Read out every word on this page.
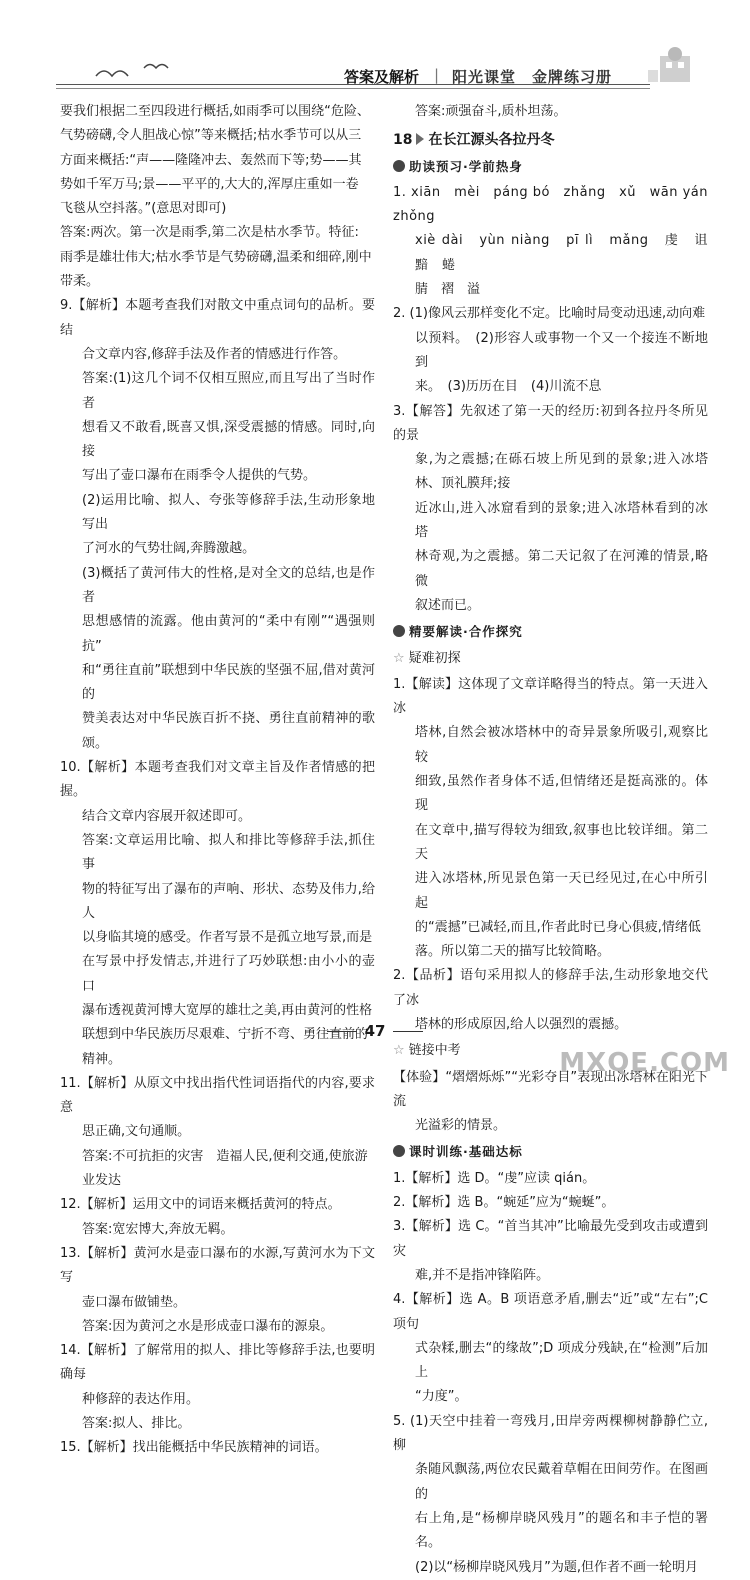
答案及解析 | 阳光课堂　金牌练习册

要我们根据二至四段进行概括,如雨季可以围绕“危险、

气势磅礴,令人胆战心惊”等来概括;枯水季节可以从三

方面来概括:“声——隆隆冲去、轰然而下等;势——其

势如千军万马;景——平平的,大大的,浑厚庄重如一卷

飞毯从空抖落。”(意思对即可)

答案:两次。第一次是雨季,第二次是枯水季节。特征:

雨季是雄壮伟大;枯水季节是气势磅礴,温柔和细碎,刚中

带柔。

9.【解析】本题考查我们对散文中重点词句的品析。要结

合文章内容,修辞手法及作者的情感进行作答。

答案:(1)这几个词不仅相互照应,而且写出了当时作者

想看又不敢看,既喜又惧,深受震撼的情感。同时,向接

写出了壶口瀑布在雨季令人提供的气势。

(2)运用比喻、拟人、夸张等修辞手法,生动形象地写出

了河水的气势壮阔,奔腾激越。

(3)概括了黄河伟大的性格,是对全文的总结,也是作者

思想感情的流露。他由黄河的“柔中有刚”“遇强则抗”

和“勇往直前”联想到中华民族的坚强不屈,借对黄河的

赞美表达对中华民族百折不挠、勇往直前精神的歌颂。

10.【解析】本题考查我们对文章主旨及作者情感的把握。

结合文章内容展开叙述即可。

答案:文章运用比喻、拟人和排比等修辞手法,抓住事

物的特征写出了瀑布的声响、形状、态势及伟力,给人

以身临其境的感受。作者写景不是孤立地写景,而是

在写景中抒发情志,并进行了巧妙联想:由小小的壶口

瀑布透视黄河博大宽厚的雄壮之美,再由黄河的性格

联想到中华民族历尽艰难、宁折不弯、勇往直前的

精神。

11.【解析】从原文中找出指代性词语指代的内容,要求意

思正确,文句通顺。

答案:不可抗拒的灾害　造福人民,便利交通,使旅游

业发达

12.【解析】运用文中的词语来概括黄河的特点。

答案:宽宏博大,奔放无羁。

13.【解析】黄河水是壶口瀑布的水源,写黄河水为下文写

壶口瀑布做铺垫。

答案:因为黄河之水是形成壶口瀑布的源泉。

14.【解析】了解常用的拟人、排比等修辞手法,也要明确每

种修辞的表达作用。

答案:拟人、排比。

15.【解析】找出能概括中华民族精神的词语。

答案:顽强奋斗,质朴坦荡。

18 在长江源头各拉丹冬
助读预习·学前热身

1. xiān　mèi　páng bó　zhǎng　xǔ　wān yán　zhǒng

xiè dài　yùn niàng　pī lì　mǎng　虔　诅　黯　蜷

腈　褶　溢

2. (1)像风云那样变化不定。比喻时局变动迅速,动向难

以预料。　(2)形容人或事物一个又一个接连不断地到

来。　(3)历历在目　(4)川流不息

3.【解答】先叙述了第一天的经历:初到各拉丹冬所见的景

象,为之震撼;在砾石坡上所见到的景象;进入冰塔林、顶礼膜拜;接

近冰山,进入冰窟看到的景象;进入冰塔林看到的冰塔

林奇观,为之震撼。第二天记叙了在河滩的情景,略微

叙述而已。

精要解读·合作探究
☆ 疑难初探

1.【解读】这体现了文章详略得当的特点。第一天进入冰

塔林,自然会被冰塔林中的奇异景象所吸引,观察比较

细致,虽然作者身体不适,但情绪还是挺高涨的。体现

在文章中,描写得较为细致,叙事也比较详细。第二天

进入冰塔林,所见景色第一天已经见过,在心中所引起

的“震撼”已减轻,而且,作者此时已身心俱疲,情绪低

落。所以第二天的描写比较简略。

2.【品析】语句采用拟人的修辞手法,生动形象地交代了冰

塔林的形成原因,给人以强烈的震撼。

☆ 链接中考

【体验】“熠熠烁烁”“光彩夺目”表现出冰塔林在阳光下流

光溢彩的情景。

课时训练·基础达标

1.【解析】选 D。“虔”应读 qián。

2.【解析】选 B。“蜿延”应为“蜿蜒”。

3.【解析】选 C。“首当其冲”比喻最先受到攻击或遭到灾

难,并不是指冲锋陷阵。

4.【解析】选 A。B 项语意矛盾,删去“近”或“左右”;C 项句

式杂糅,删去“的缘故”;D 项成分残缺,在“检测”后加上

“力度”。

5. (1)天空中挂着一弯残月,田岸旁两棵柳树静静伫立,柳

条随风飘荡,两位农民戴着草帽在田间劳作。在图画的

右上角,是“杨柳岸晓风残月”的题名和丰子恺的署名。

(2)以“杨柳岸晓风残月”为题,但作者不画一轮明月

47
MXQE.COM
